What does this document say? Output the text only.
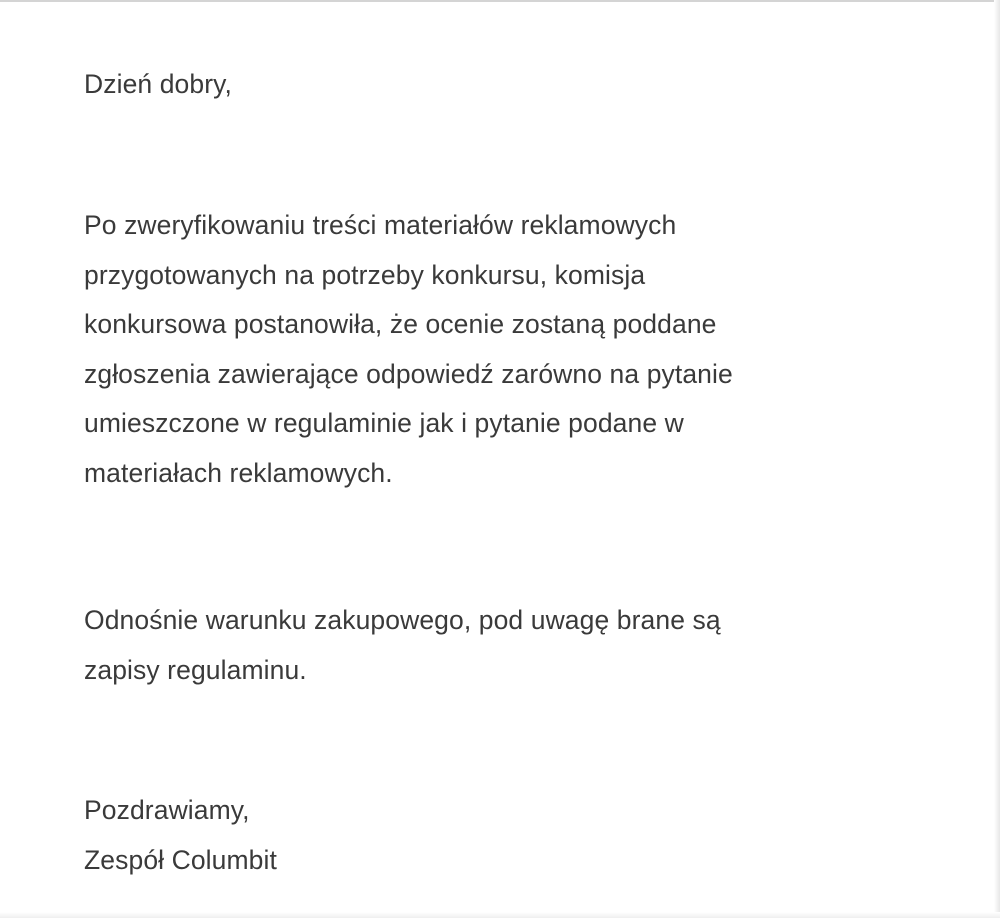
Dzień dobry,

Po zweryfikowaniu treści materiałów reklamowych
przygotowanych na potrzeby konkursu, komisja
konkursowa postanowiła, że ocenie zostaną poddane
zgłoszenia zawierające odpowiedź zarówno na pytanie
umieszczone w regulaminie jak i pytanie podane w
materiałach reklamowych.

Odnośnie warunku zakupowego, pod uwagę brane są
zapisy regulaminu.

Pozdrawiamy,
Zespół Columbit
